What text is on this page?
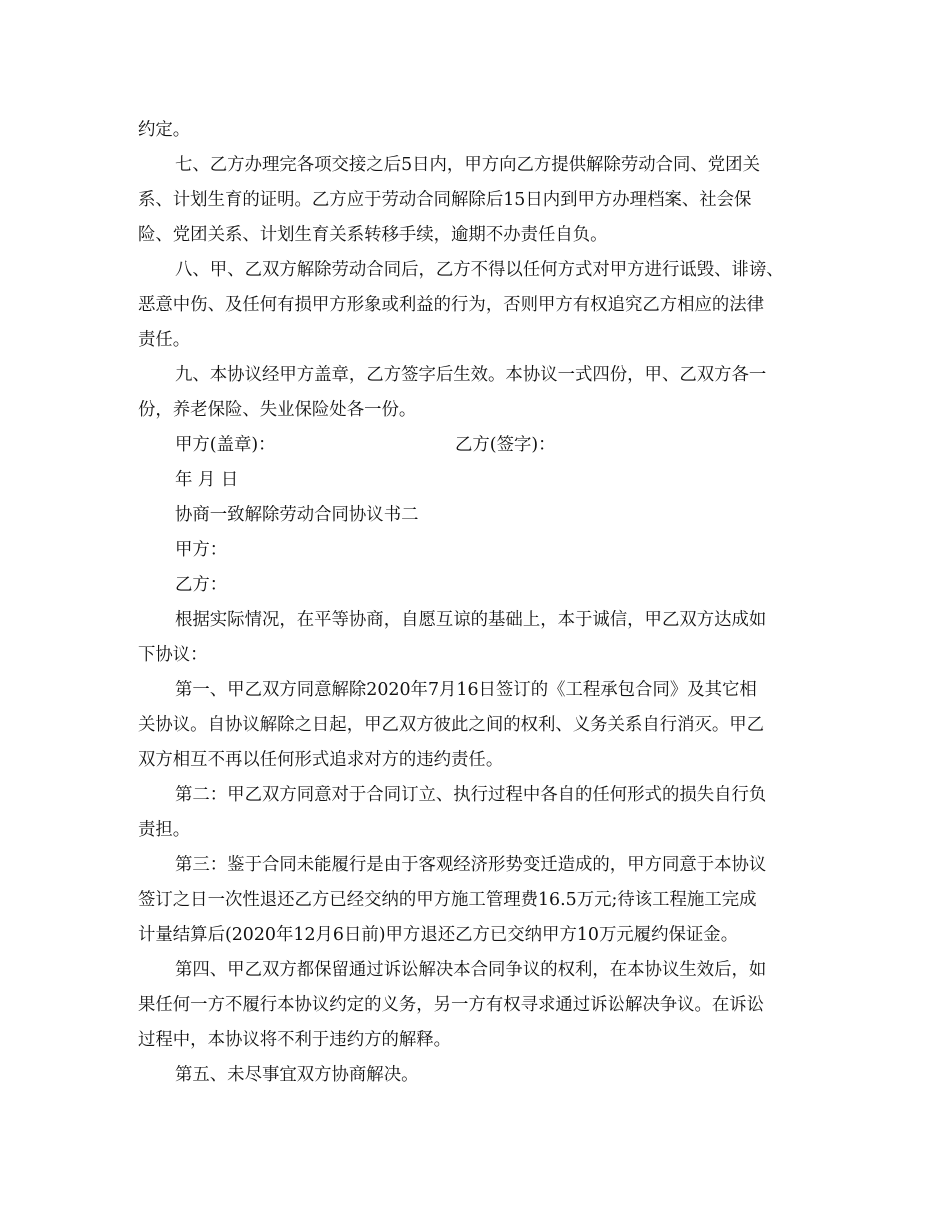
约定。
七、乙方办理完各项交接之后5日内，甲方向乙方提供解除劳动合同、党团关
系、计划生育的证明。乙方应于劳动合同解除后15日内到甲方办理档案、社会保
险、党团关系、计划生育关系转移手续，逾期不办责任自负。
八、甲、乙双方解除劳动合同后，乙方不得以任何方式对甲方进行诋毁、诽谤、
恶意中伤、及任何有损甲方形象或利益的行为，否则甲方有权追究乙方相应的法律
责任。
九、本协议经甲方盖章，乙方签字后生效。本协议一式四份，甲、乙双方各一
份，养老保险、失业保险处各一份。
甲方(盖章)：	乙方(签字)：
年 月 日
协商一致解除劳动合同协议书二
甲方：
乙方：
根据实际情况，在平等协商，自愿互谅的基础上，本于诚信，甲乙双方达成如
下协议：
第一、甲乙双方同意解除2020年7月16日签订的《工程承包合同》及其它相
关协议。自协议解除之日起，甲乙双方彼此之间的权利、义务关系自行消灭。甲乙
双方相互不再以任何形式追求对方的违约责任。
第二：甲乙双方同意对于合同订立、执行过程中各自的任何形式的损失自行负
责担。
第三：鉴于合同未能履行是由于客观经济形势变迁造成的，甲方同意于本协议
签订之日一次性退还乙方已经交纳的甲方施工管理费16.5万元;待该工程施工完成
计量结算后(2020年12月6日前)甲方退还乙方已交纳甲方10万元履约保证金。
第四、甲乙双方都保留通过诉讼解决本合同争议的权利，在本协议生效后，如
果任何一方不履行本协议约定的义务，另一方有权寻求通过诉讼解决争议。在诉讼
过程中，本协议将不利于违约方的解释。
第五、未尽事宜双方协商解决。
